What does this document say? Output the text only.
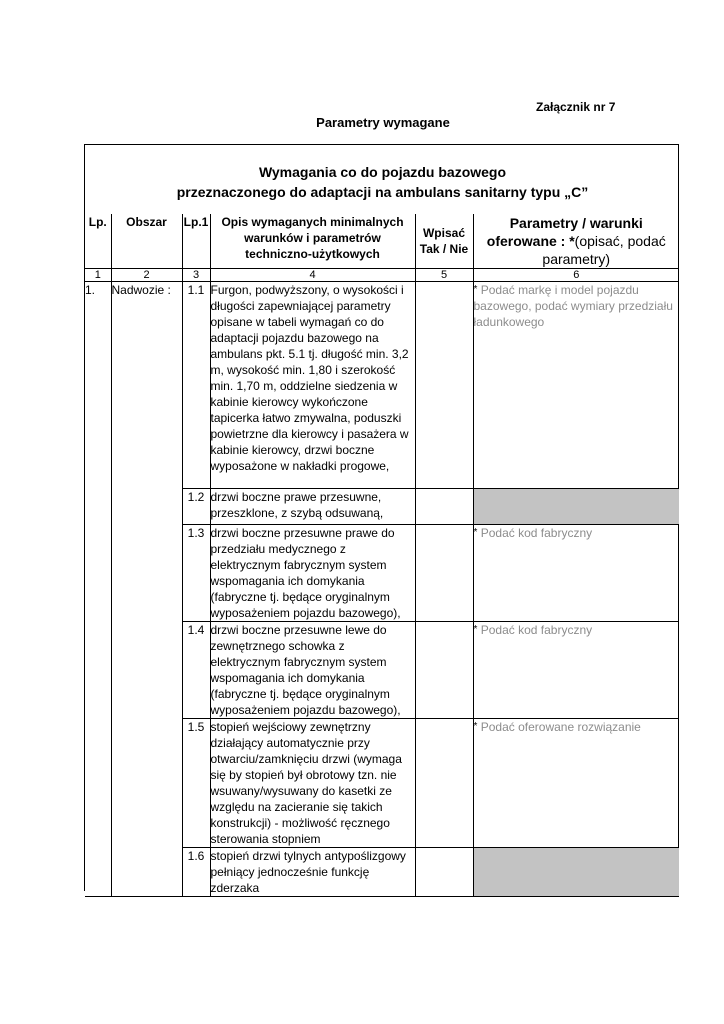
Załącznik nr 7
Parametry wymagane
Wymagania co do pojazdu bazowego
przeznaczonego do adaptacji na ambulans sanitarny typu „C”
Lp.	Obszar	Lp.1	Opis wymaganych minimalnych warunków i parametrów techniczno-użytkowych	Wpisać Tak / Nie	Parametry / warunki oferowane : *(opisać, podać parametry)
1	2	3	4	5	6
1.	Nadwozie :	1.1	Furgon, podwyższony, o wysokości i długości zapewniającej parametry opisane w tabeli wymagań co do adaptacji pojazdu bazowego na ambulans pkt. 5.1 tj. długość min. 3,2 m, wysokość min. 1,80 i szerokość min. 1,70 m, oddzielne siedzenia w kabinie kierowcy wykończone tapicerka łatwo zmywalna, poduszki powietrzne dla kierowcy i pasażera w kabinie kierowcy, drzwi boczne wyposażone w nakładki progowe,		* Podać markę i model pojazdu bazowego, podać wymiary przedziału ładunkowego
		1.2	drzwi boczne prawe przesuwne, przeszklone, z szybą odsuwaną,		
		1.3	drzwi boczne przesuwne prawe do przedziału medycznego z elektrycznym fabrycznym system wspomagania ich domykania (fabryczne tj. będące oryginalnym wyposażeniem pojazdu bazowego),		* Podać kod fabryczny
		1.4	drzwi boczne przesuwne lewe do zewnętrznego schowka z elektrycznym fabrycznym system wspomagania ich domykania (fabryczne tj. będące oryginalnym wyposażeniem pojazdu bazowego),		* Podać kod fabryczny
		1.5	stopień wejściowy zewnętrzny działający automatycznie przy otwarciu/zamknięciu drzwi (wymaga się by stopień był obrotowy tzn. nie wsuwany/wysuwany do kasetki ze względu na zacieranie się takich konstrukcji) - możliwość ręcznego sterowania stopniem		* Podać oferowane rozwiązanie
		1.6	stopień drzwi tylnych antypoślizgowy pełniący jednocześnie funkcję zderzaka		
